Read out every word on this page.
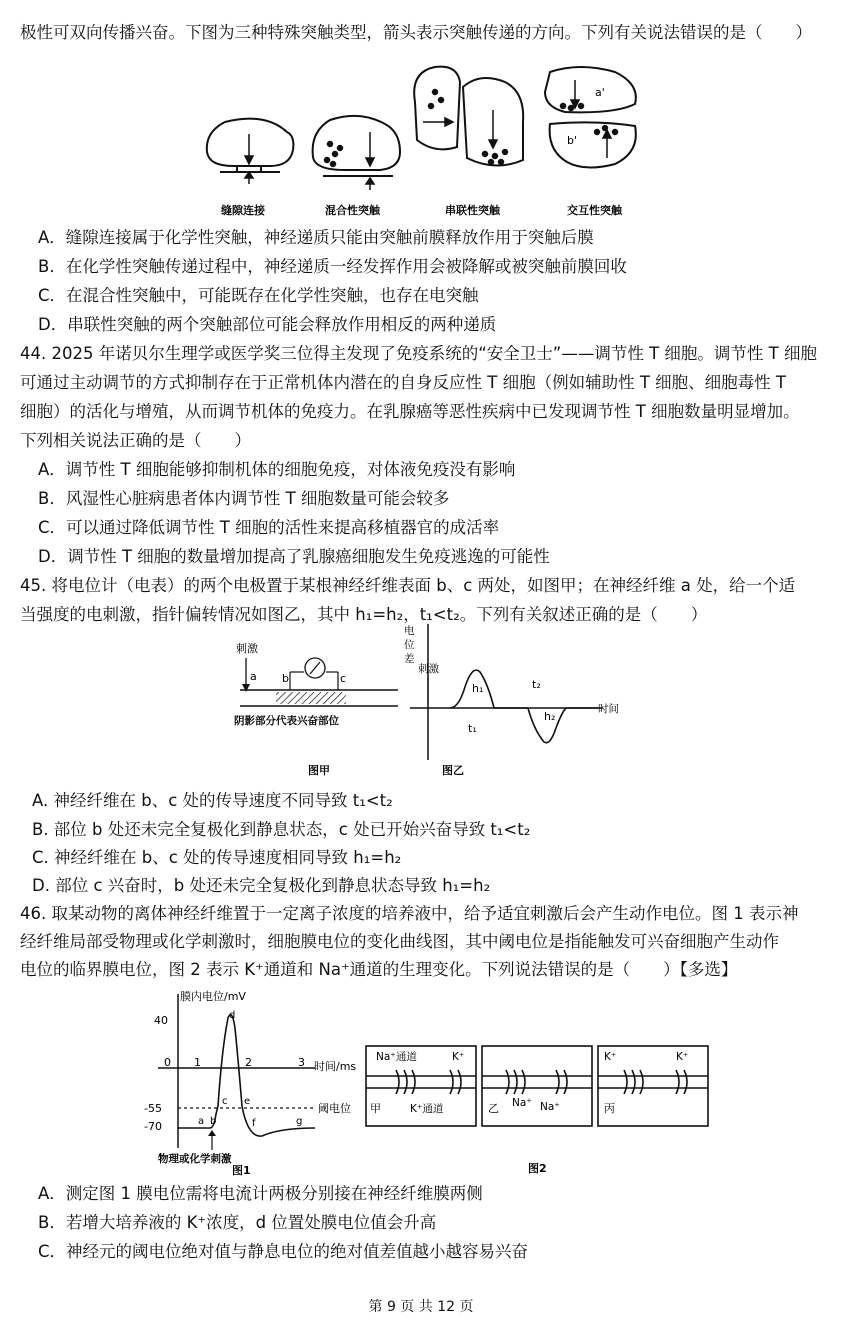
极性可双向传播兴奋。下图为三种特殊突触类型，箭头表示突触传递的方向。下列有关说法错误的是（　　）
a'
b'
缝隙连接	混合性突触	串联性突触	交互性突触
A．缝隙连接属于化学性突触，神经递质只能由突触前膜释放作用于突触后膜
B．在化学性突触传递过程中，神经递质一经发挥作用会被降解或被突触前膜回收
C．在混合性突触中，可能既存在化学性突触，也存在电突触
D．串联性突触的两个突触部位可能会释放作用相反的两种递质
44. 2025 年诺贝尔生理学或医学奖三位得主发现了免疫系统的“安全卫士”——调节性 T 细胞。调节性 T 细胞
可通过主动调节的方式抑制存在于正常机体内潜在的自身反应性 T 细胞（例如辅助性 T 细胞、细胞毒性 T
细胞）的活化与增殖，从而调节机体的免疫力。在乳腺癌等恶性疾病中已发现调节性 T 细胞数量明显增加。
下列相关说法正确的是（　　）
A．调节性 T 细胞能够抑制机体的细胞免疫，对体液免疫没有影响
B．风湿性心脏病患者体内调节性 T 细胞数量可能会较多
C．可以通过降低调节性 T 细胞的活性来提高移植器官的成活率
D．调节性 T 细胞的数量增加提高了乳腺癌细胞发生免疫逃逸的可能性
45. 将电位计（电表）的两个电极置于某根神经纤维表面 b、c 两处，如图甲；在神经纤维 a 处，给一个适
当强度的电刺激，指针偏转情况如图乙，其中 h₁=h₂，t₁<t₂。下列有关叙述正确的是（　　）
刺激
a b	c
阴影部分代表兴奋部位
图甲
电
位
差
刺激
h₁
h₂
t₁
t₂
时间
图乙
A. 神经纤维在 b、c 处的传导速度不同导致 t₁<t₂
B. 部位 b 处还未完全复极化到静息状态，c 处已开始兴奋导致 t₁<t₂
C. 神经纤维在 b、c 处的传导速度相同导致 h₁=h₂
D. 部位 c 兴奋时，b 处还未完全复极化到静息状态导致 h₁=h₂
46. 取某动物的离体神经纤维置于一定离子浓度的培养液中，给予适宜刺激后会产生动作电位。图 1 表示神
经纤维局部受物理或化学刺激时，细胞膜电位的变化曲线图，其中阈电位是指能触发可兴奋细胞产生动作
电位的临界膜电位，图 2 表示 K⁺通道和 Na⁺通道的生理变化。下列说法错误的是（　　）【多选】
膜内电位/mV
时间/ms
40
0
-55
-70
1	2	3
阈电位
a b
c
d
e
f	g
物理或化学刺激
图1
Na⁺通道	K⁺
K⁺通道
甲	乙 Na⁺ Na⁺
K⁺	K⁺
丙
图2
A．测定图 1 膜电位需将电流计两极分别接在神经纤维膜两侧
B．若增大培养液的 K⁺浓度，d 位置处膜电位值会升高
C．神经元的阈电位绝对值与静息电位的绝对值差值越小越容易兴奋
第 9 页 共 12 页
